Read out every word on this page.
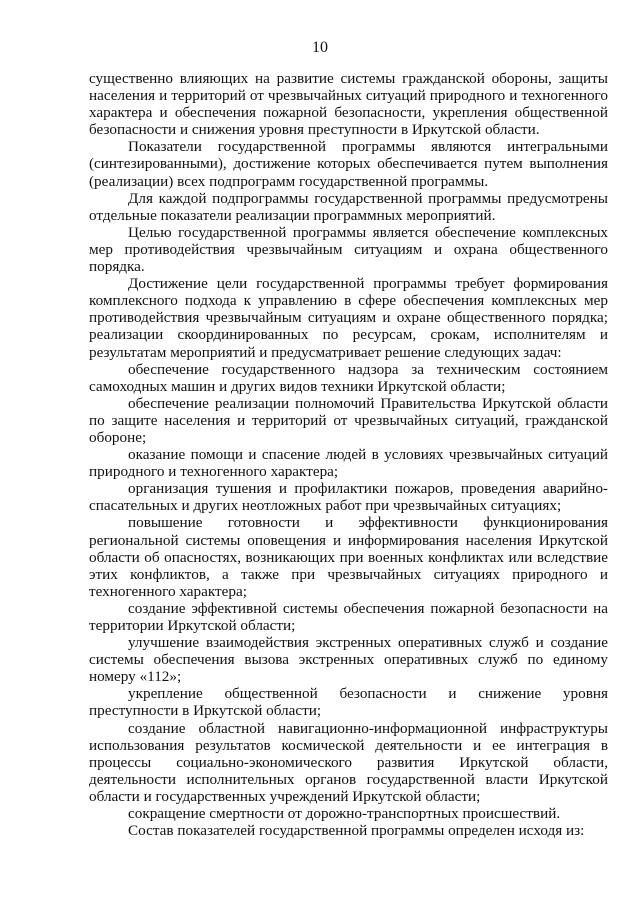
10

существенно влияющих на развитие системы гражданской обороны, защиты населения и территорий от чрезвычайных ситуаций природного и техногенного характера и обеспечения пожарной безопасности, укрепления общественной безопасности и снижения уровня преступности в Иркутской области.

Показатели государственной программы являются интегральными (синтезированными), достижение которых обеспечивается путем выполнения (реализации) всех подпрограмм государственной программы.

Для каждой подпрограммы государственной программы предусмотрены отдельные показатели реализации программных мероприятий.

Целью государственной программы является обеспечение комплексных мер противодействия чрезвычайным ситуациям и охрана общественного порядка.

Достижение цели государственной программы требует формирования комплексного подхода к управлению в сфере обеспечения комплексных мер противодействия чрезвычайным ситуациям и охране общественного порядка; реализации скоординированных по ресурсам, срокам, исполнителям и результатам мероприятий и предусматривает решение следующих задач:

обеспечение государственного надзора за техническим состоянием самоходных машин и других видов техники Иркутской области;

обеспечение реализации полномочий Правительства Иркутской области по защите населения и территорий от чрезвычайных ситуаций, гражданской обороне;

оказание помощи и спасение людей в условиях чрезвычайных ситуаций природного и техногенного характера;

организация тушения и профилактики пожаров, проведения аварийно-спасательных и других неотложных работ при чрезвычайных ситуациях;

повышение готовности и эффективности функционирования региональной системы оповещения и информирования населения Иркутской области об опасностях, возникающих при военных конфликтах или вследствие этих конфликтов, а также при чрезвычайных ситуациях природного и техногенного характера;

создание эффективной системы обеспечения пожарной безопасности на территории Иркутской области;

улучшение взаимодействия экстренных оперативных служб и создание системы обеспечения вызова экстренных оперативных служб по единому номеру «112»;

укрепление общественной безопасности и снижение уровня преступности в Иркутской области;

создание областной навигационно-информационной инфраструктуры использования результатов космической деятельности и ее интеграция в процессы социально-экономического развития Иркутской области, деятельности исполнительных органов государственной власти Иркутской области и государственных учреждений Иркутской области;

сокращение смертности от дорожно-транспортных происшествий.

Состав показателей государственной программы определен исходя из:
